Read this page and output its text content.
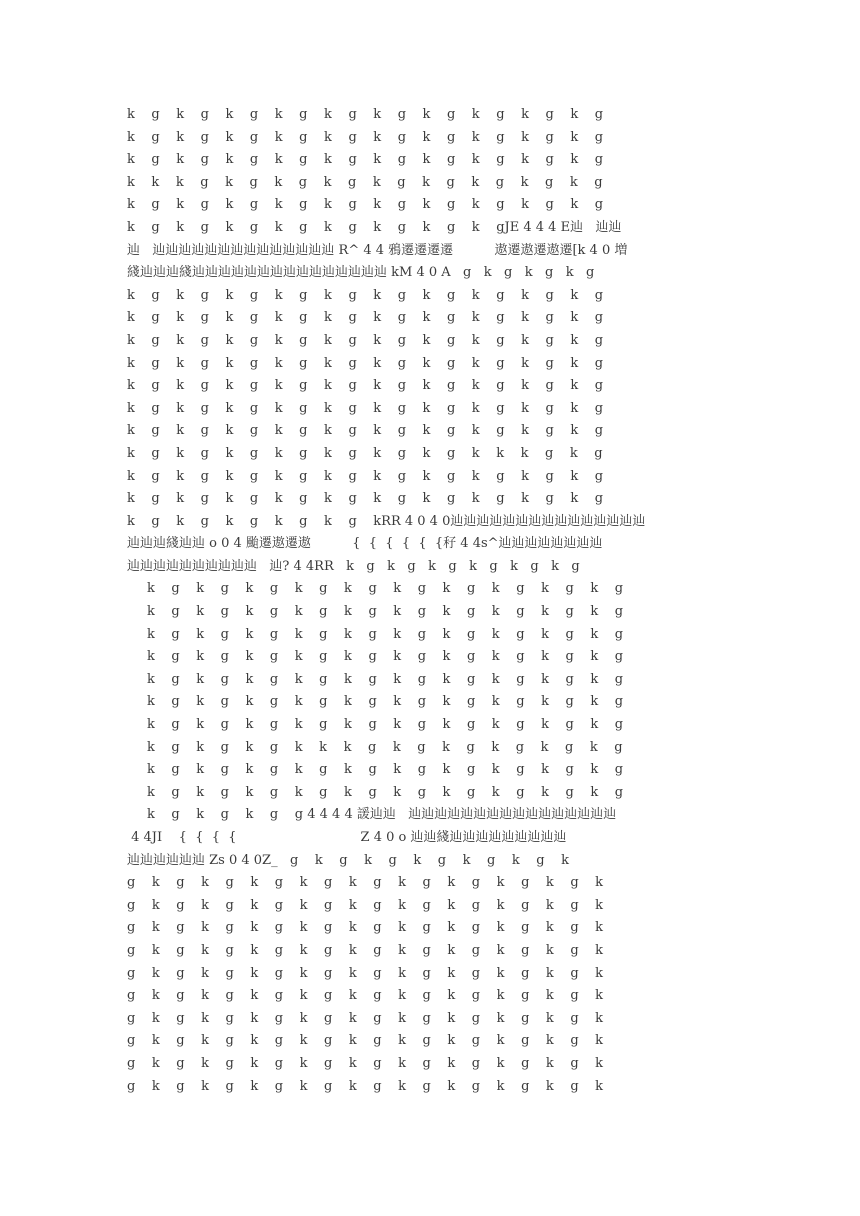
k    g    k    g    k    g    k    g    k    g    k    g    k    g    k    g    k    g    k    g
k    g    k    g    k    g    k    g    k    g    k    g    k    g    k    g    k    g    k    g
k    g    k    g    k    g    k    g    k    g    k    g    k    g    k    g    k    g    k    g
k    k    k    g    k    g    k    g    k    g    k    g    k    g    k    g    k    g    k    g
k    g    k    g    k    g    k    g    k    g    k    g    k    g    k    g    k    g    k    g
k    g    k    g    k    g    k    g    k    g    k    g    k    g    k    gJE 4 4 4 E辿   辿辿
辿   辿辿辿辿辿辿辿辿辿辿辿辿辿辿 R^ 4 4 鴉遷遷遷遷          遨遷遨遷遨遷[k 4 0 増
綫辿辿辿綫辿辿辿辿辿辿辿辿辿辿辿辿辿辿辿 kM 4 0 A   g   k   g   k   g   k   g
k    g    k    g    k    g    k    g    k    g    k    g    k    g    k    g    k    g    k    g
k    g    k    g    k    g    k    g    k    g    k    g    k    g    k    g    k    g    k    g
k    g    k    g    k    g    k    g    k    g    k    g    k    g    k    g    k    g    k    g
k    g    k    g    k    g    k    g    k    g    k    g    k    g    k    g    k    g    k    g
k    g    k    g    k    g    k    g    k    g    k    g    k    g    k    g    k    g    k    g
k    g    k    g    k    g    k    g    k    g    k    g    k    g    k    g    k    g    k    g
k    g    k    g    k    g    k    g    k    g    k    g    k    g    k    g    k    g    k    g
k    g    k    g    k    g    k    g    k    g    k    g    k    g    k    k    k    g    k    g
k    g    k    g    k    g    k    g    k    g    k    g    k    g    k    g    k    g    k    g
k    g    k    g    k    g    k    g    k    g    k    g    k    g    k    g    k    g    k    g
k    g    k    g    k    g    k    g    k    g    kRR 4 0 4 0辿辿辿辿辿辿辿辿辿辿辿辿辿辿辿
辿辿辿綫辿辿 o 0 4 颱遷遨遷遨          {  {  {  {  {  {秄 4 4s^辿辿辿辿辿辿辿辿
辿辿辿辿辿辿辿辿辿辿   辿? 4 4RR   k   g   k   g   k   g   k   g   k   g   k   g
k    g    k    g    k    g    k    g    k    g    k    g    k    g    k    g    k    g    k    g
k    g    k    g    k    g    k    g    k    g    k    g    k    g    k    g    k    g    k    g
k    g    k    g    k    g    k    g    k    g    k    g    k    g    k    g    k    g    k    g
k    g    k    g    k    g    k    g    k    g    k    g    k    g    k    g    k    g    k    g
k    g    k    g    k    g    k    g    k    g    k    g    k    g    k    g    k    g    k    g
k    g    k    g    k    g    k    g    k    g    k    g    k    g    k    g    k    g    k    g
k    g    k    g    k    g    k    g    k    g    k    g    k    g    k    g    k    g    k    g
k    g    k    g    k    g    k    k    k    g    k    g    k    g    k    g    k    g    k    g
k    g    k    g    k    g    k    g    k    g    k    g    k    g    k    g    k    g    k    g
k    g    k    g    k    g    k    g    k    g    k    g    k    g    k    g    k    g    k    g
k    g    k    g    k    g    g 4 4 4 4 諼辿辿   辿辿辿辿辿辿辿辿辿辿辿辿辿辿辿辿
4 4JI    {  {  {  {                              Z 4 0 o 辿辿綫辿辿辿辿辿辿辿辿辿
辿辿辿辿辿辿 Zs 0 4 0Z_   g    k    g    k    g    k    g    k    g    k    g    k
g    k    g    k    g    k    g    k    g    k    g    k    g    k    g    k    g    k    g    k
g    k    g    k    g    k    g    k    g    k    g    k    g    k    g    k    g    k    g    k
g    k    g    k    g    k    g    k    g    k    g    k    g    k    g    k    g    k    g    k
g    k    g    k    g    k    g    k    g    k    g    k    g    k    g    k    g    k    g    k
g    k    g    k    g    k    g    k    g    k    g    k    g    k    g    k    g    k    g    k
g    k    g    k    g    k    g    k    g    k    g    k    g    k    g    k    g    k    g    k
g    k    g    k    g    k    g    k    g    k    g    k    g    k    g    k    g    k    g    k
g    k    g    k    g    k    g    k    g    k    g    k    g    k    g    k    g    k    g    k
g    k    g    k    g    k    g    k    g    k    g    k    g    k    g    k    g    k    g    k
g    k    g    k    g    k    g    k    g    k    g    k    g    k    g    k    g    k    g    k
